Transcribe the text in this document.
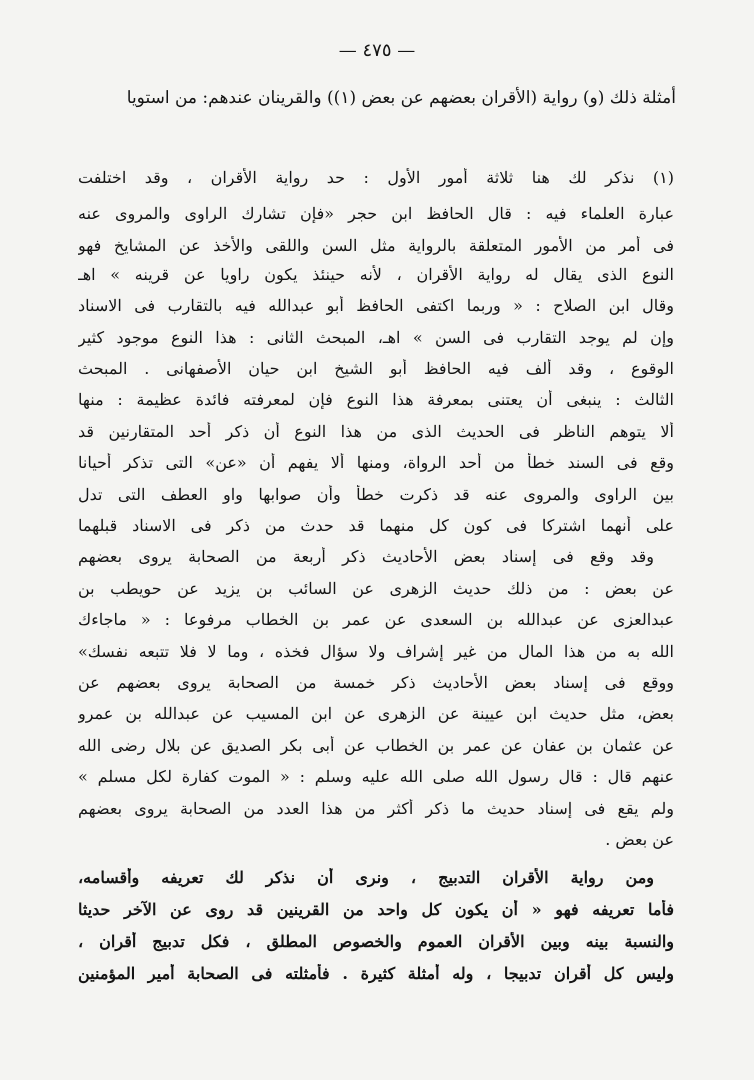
— ٤٧٥ —
أمثلة ذلك (و) رواية (الأقران بعضهم عن بعض (١)) والقرينان عندهم: من استويا
(١) نذكر لك هنا ثلاثة أمور الأول : حد رواية الأقران ، وقد اختلفت
عبارة العلماء فيه : قال الحافظ ابن حجر «فإن تشارك الراوى والمروى عنه
فى أمر من الأمور المتعلقة بالرواية مثل السن واللقى والأخذ عن المشايخ فهو
النوع الذى يقال له رواية الأقران ، لأنه حينئذ يكون راويا عن قرينه » اهـ
وقال ابن الصلاح : « وربما اكتفى الحافظ أبو عبدالله فيه بالتقارب فى الاسناد
وإن لم يوجد التقارب فى السن » اهـ، المبحث الثانى : هذا النوع موجود كثير
الوقوع ، وقد ألف فيه الحافظ أبو الشيخ ابن حيان الأصفهانى . المبحث
الثالث : ينبغى أن يعتنى بمعرفة هذا النوع فإن لمعرفته فائدة عظيمة : منها
ألا يتوهم الناظر فى الحديث الذى من هذا النوع أن ذكر أحد المتقارنين قد
وقع فى السند خطأ من أحد الرواة، ومنها ألا يفهم أن «عن» التى تذكر أحيانا
بين الراوى والمروى عنه قد ذكرت خطأ وأن صوابها واو العطف التى تدل
على أنهما اشتركا فى كون كل منهما قد حدث من ذكر فى الاسناد قبلهما
وقد وقع فى إسناد بعض الأحاديث ذكر أربعة من الصحابة يروى بعضهم
عن بعض : من ذلك حديث الزهرى عن السائب بن يزيد عن حويطب بن
عبدالعزى عن عبدالله بن السعدى عن عمر بن الخطاب مرفوعا : « ماجاءك
الله به من هذا المال من غير إشراف ولا سؤال فخذه ، وما لا فلا تتبعه نفسك»
ووقع فى إسناد بعض الأحاديث ذكر خمسة من الصحابة يروى بعضهم عن
بعض، مثل حديث ابن عيينة عن الزهرى عن ابن المسيب عن عبدالله بن عمرو
عن عثمان بن عفان عن عمر بن الخطاب عن أبى بكر الصديق عن بلال رضى الله
عنهم قال : قال رسول الله صلى الله عليه وسلم : « الموت كفارة لكل مسلم »
ولم يقع فى إسناد حديث ما ذكر أكثر من هذا العدد من الصحابة يروى بعضهم
عن بعض .
ومن رواية الأقران التدبيج ، ونرى أن نذكر لك تعريفه وأقسامه،
فأما تعريفه فهو « أن يكون كل واحد من القرينين قد روى عن الآخر حديثا
والنسبة بينه وبين الأقران العموم والخصوص المطلق ، فكل تدبيج أقران ،
وليس كل أقران تدبيجا ، وله أمثلة كثيرة . فأمثلته فى الصحابة أمير المؤمنين
